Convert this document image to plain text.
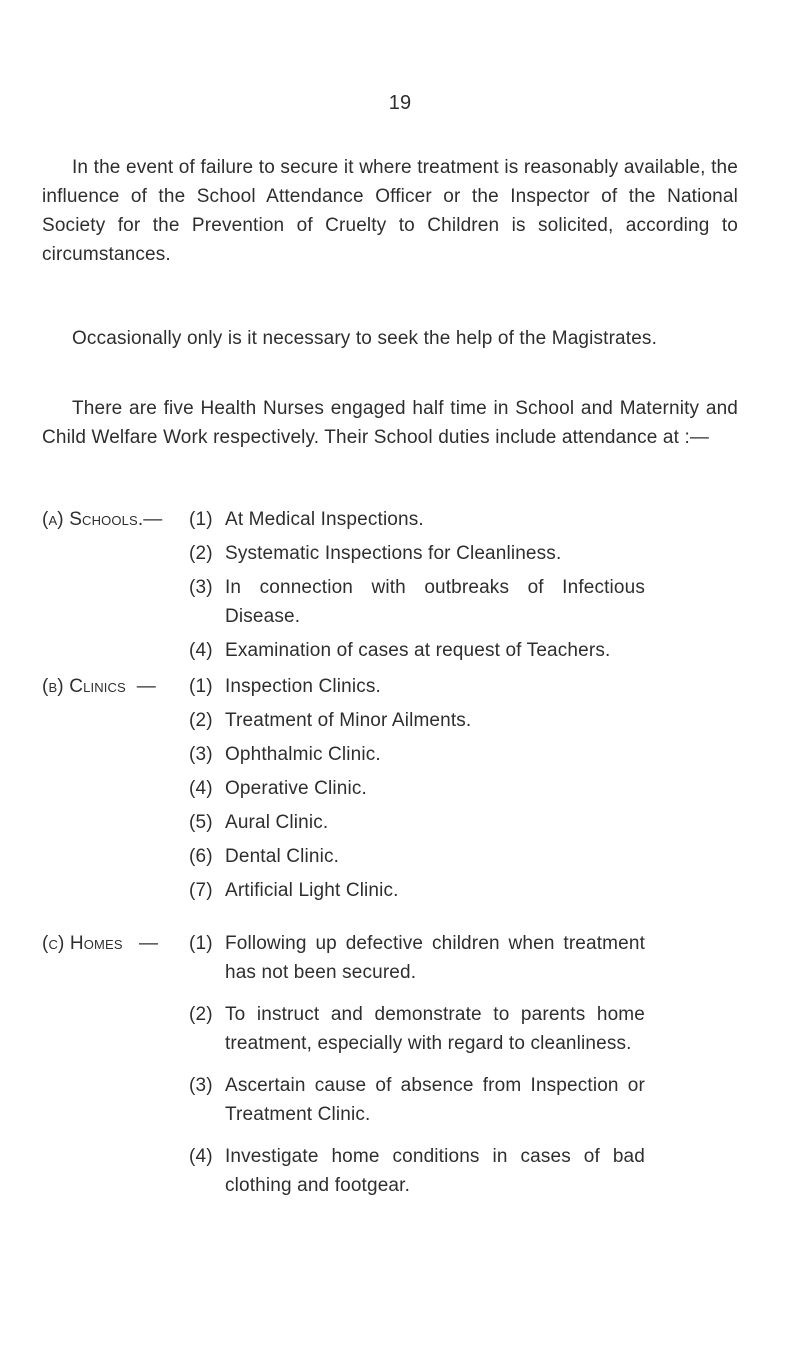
19

In the event of failure to secure it where treatment is reasonably available, the influence of the School Attendance Officer or the Inspector of the National Society for the Prevention of Cruelty to Children is solicited, according to circumstances.

Occasionally only is it necessary to seek the help of the Magistrates.

There are five Health Nurses engaged half time in School and Maternity and Child Welfare Work respectively. Their School duties include attendance at :—

(a) Schools.—	(1) At Medical Inspections.
(2) Systematic Inspections for Cleanliness.
(3) In connection with outbreaks of Infectious Disease.
(4) Examination of cases at request of Teachers.
(b) Clinics —	(1) Inspection Clinics.
(2) Treatment of Minor Ailments.
(3) Ophthalmic Clinic.
(4) Operative Clinic.
(5) Aural Clinic.
(6) Dental Clinic.
(7) Artificial Light Clinic.
(c) Homes —	(1) Following up defective children when treatment has not been secured.
(2) To instruct and demonstrate to parents home treatment, especially with regard to cleanliness.
(3) Ascertain cause of absence from Inspection or Treatment Clinic.
(4) Investigate home conditions in cases of bad clothing and footgear.
